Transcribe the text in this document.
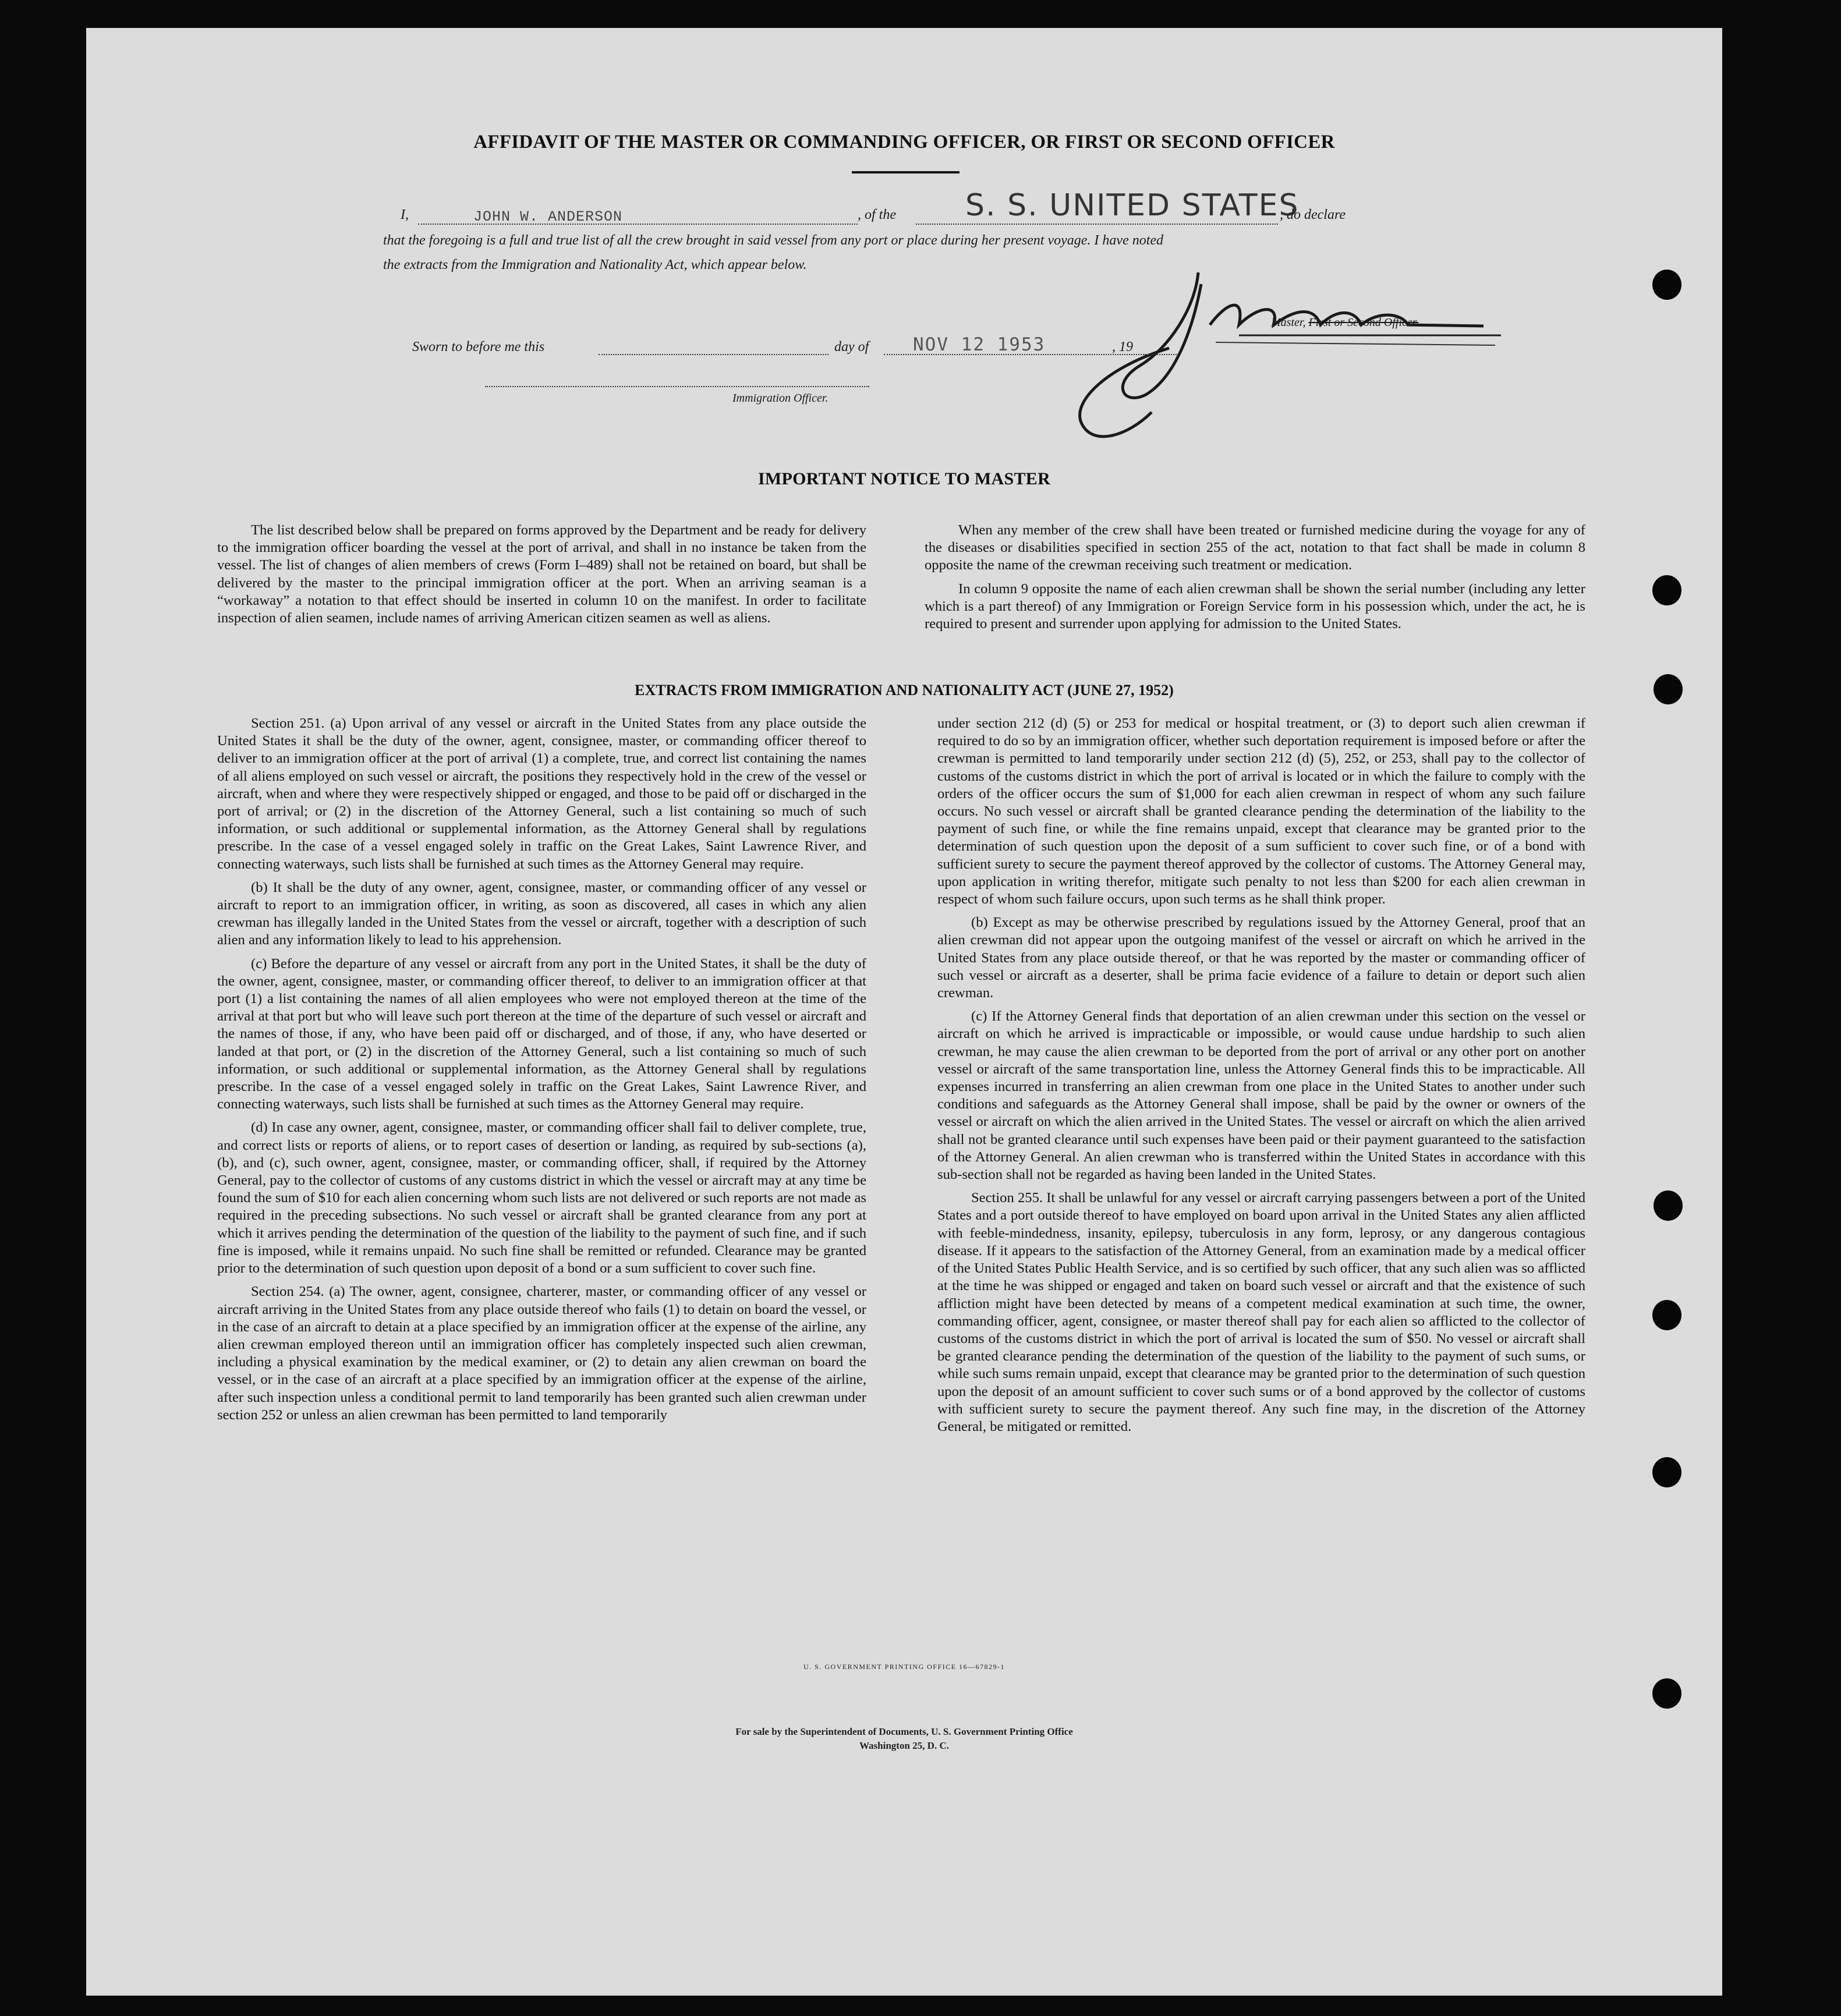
AFFIDAVIT OF THE MASTER OR COMMANDING OFFICER, OR FIRST OR SECOND OFFICER
I,	JOHN W. ANDERSON	, of the S. S. UNITED STATES
, do declare
that the foregoing is a full and true list of all the crew brought in said vessel from any port or place during her present voyage. I have noted
the extracts from the Immigration and Nationality Act, which appear below.
Master, First or Second Officer.
Sworn to before me this	day of NOV 12 1953	, 19
Immigration Officer.
IMPORTANT NOTICE TO MASTER

The list described below shall be prepared on forms approved by the Department and be ready for delivery to the immigration officer boarding the vessel at the port of arrival, and shall in no instance be taken from the vessel. The list of changes of alien members of crews (Form I–489) shall not be retained on board, but shall be delivered by the master to the principal immigration officer at the port. When an arriving seaman is a “workaway” a notation to that effect should be inserted in column 10 on the manifest. In order to facilitate inspection of alien seamen, include names of arriving American citizen seamen as well as aliens.

When any member of the crew shall have been treated or furnished medicine during the voyage for any of the diseases or disabilities specified in section 255 of the act, notation to that fact shall be made in column 8 opposite the name of the crewman receiving such treatment or medication.

In column 9 opposite the name of each alien crewman shall be shown the serial number (including any letter which is a part thereof) of any Immigration or Foreign Service form in his possession which, under the act, he is required to present and surrender upon applying for admission to the United States.

EXTRACTS FROM IMMIGRATION AND NATIONALITY ACT (JUNE 27, 1952)

Section 251. (a) Upon arrival of any vessel or aircraft in the United States from any place outside the United States it shall be the duty of the owner, agent, consignee, master, or commanding officer thereof to deliver to an immigration officer at the port of arrival (1) a complete, true, and correct list containing the names of all aliens employed on such vessel or aircraft, the positions they respectively hold in the crew of the vessel or aircraft, when and where they were respectively shipped or engaged, and those to be paid off or discharged in the port of arrival; or (2) in the discretion of the Attorney General, such a list containing so much of such information, or such additional or supplemental information, as the Attorney General shall by regulations prescribe. In the case of a vessel engaged solely in traffic on the Great Lakes, Saint Lawrence River, and connecting waterways, such lists shall be furnished at such times as the Attorney General may require.

(b) It shall be the duty of any owner, agent, consignee, master, or commanding officer of any vessel or aircraft to report to an immigration officer, in writing, as soon as discovered, all cases in which any alien crewman has illegally landed in the United States from the vessel or aircraft, together with a description of such alien and any information likely to lead to his apprehension.

(c) Before the departure of any vessel or aircraft from any port in the United States, it shall be the duty of the owner, agent, consignee, master, or commanding officer thereof, to deliver to an immigration officer at that port (1) a list containing the names of all alien employees who were not employed thereon at the time of the arrival at that port but who will leave such port thereon at the time of the departure of such vessel or aircraft and the names of those, if any, who have been paid off or discharged, and of those, if any, who have deserted or landed at that port, or (2) in the discretion of the Attorney General, such a list containing so much of such information, or such additional or supplemental information, as the Attorney General shall by regulations prescribe. In the case of a vessel engaged solely in traffic on the Great Lakes, Saint Lawrence River, and connecting waterways, such lists shall be furnished at such times as the Attorney General may require.

(d) In case any owner, agent, consignee, master, or commanding officer shall fail to deliver complete, true, and correct lists or reports of aliens, or to report cases of desertion or landing, as required by sub-sections (a), (b), and (c), such owner, agent, consignee, master, or commanding officer, shall, if required by the Attorney General, pay to the collector of customs of any customs district in which the vessel or aircraft may at any time be found the sum of $10 for each alien concerning whom such lists are not delivered or such reports are not made as required in the preceding subsections. No such vessel or aircraft shall be granted clearance from any port at which it arrives pending the determination of the question of the liability to the payment of such fine, and if such fine is imposed, while it remains unpaid. No such fine shall be remitted or refunded. Clearance may be granted prior to the determination of such question upon deposit of a bond or a sum sufficient to cover such fine.

Section 254. (a) The owner, agent, consignee, charterer, master, or commanding officer of any vessel or aircraft arriving in the United States from any place outside thereof who fails (1) to detain on board the vessel, or in the case of an aircraft to detain at a place specified by an immigration officer at the expense of the airline, any alien crewman employed thereon until an immigration officer has completely inspected such alien crewman, including a physical examination by the medical examiner, or (2) to detain any alien crewman on board the vessel, or in the case of an aircraft at a place specified by an immigration officer at the expense of the airline, after such inspection unless a conditional permit to land temporarily has been granted such alien crewman under section 252 or unless an alien crewman has been permitted to land temporarily

under section 212 (d) (5) or 253 for medical or hospital treatment, or (3) to deport such alien crewman if required to do so by an immigration officer, whether such deportation requirement is imposed before or after the crewman is permitted to land temporarily under section 212 (d) (5), 252, or 253, shall pay to the collector of customs of the customs district in which the port of arrival is located or in which the failure to comply with the orders of the officer occurs the sum of $1,000 for each alien crewman in respect of whom any such failure occurs. No such vessel or aircraft shall be granted clearance pending the determination of the liability to the payment of such fine, or while the fine remains unpaid, except that clearance may be granted prior to the determination of such question upon the deposit of a sum sufficient to cover such fine, or of a bond with sufficient surety to secure the payment thereof approved by the collector of customs. The Attorney General may, upon application in writing therefor, mitigate such penalty to not less than $200 for each alien crewman in respect of whom such failure occurs, upon such terms as he shall think proper.

(b) Except as may be otherwise prescribed by regulations issued by the Attorney General, proof that an alien crewman did not appear upon the outgoing manifest of the vessel or aircraft on which he arrived in the United States from any place outside thereof, or that he was reported by the master or commanding officer of such vessel or aircraft as a deserter, shall be prima facie evidence of a failure to detain or deport such alien crewman.

(c) If the Attorney General finds that deportation of an alien crewman under this section on the vessel or aircraft on which he arrived is impracticable or impossible, or would cause undue hardship to such alien crewman, he may cause the alien crewman to be deported from the port of arrival or any other port on another vessel or aircraft of the same transportation line, unless the Attorney General finds this to be impracticable. All expenses incurred in transferring an alien crewman from one place in the United States to another under such conditions and safeguards as the Attorney General shall impose, shall be paid by the owner or owners of the vessel or aircraft on which the alien arrived in the United States. The vessel or aircraft on which the alien arrived shall not be granted clearance until such expenses have been paid or their payment guaranteed to the satisfaction of the Attorney General. An alien crewman who is transferred within the United States in accordance with this sub-section shall not be regarded as having been landed in the United States.

Section 255. It shall be unlawful for any vessel or aircraft carrying passengers between a port of the United States and a port outside thereof to have employed on board upon arrival in the United States any alien afflicted with feeble-mindedness, insanity, epilepsy, tuberculosis in any form, leprosy, or any dangerous contagious disease. If it appears to the satisfaction of the Attorney General, from an examination made by a medical officer of the United States Public Health Service, and is so certified by such officer, that any such alien was so afflicted at the time he was shipped or engaged and taken on board such vessel or aircraft and that the existence of such affliction might have been detected by means of a competent medical examination at such time, the owner, commanding officer, agent, consignee, or master thereof shall pay for each alien so afflicted to the collector of customs of the customs district in which the port of arrival is located the sum of $50. No vessel or aircraft shall be granted clearance pending the determination of the question of the liability to the payment of such sums, or while such sums remain unpaid, except that clearance may be granted prior to the determination of such question upon the deposit of an amount sufficient to cover such sums or of a bond approved by the collector of customs with sufficient surety to secure the payment thereof. Any such fine may, in the discretion of the Attorney General, be mitigated or remitted.

U. S. GOVERNMENT PRINTING OFFICE 16—67829-1
For sale by the Superintendent of Documents, U. S. Government Printing Office
Washington 25, D. C.
